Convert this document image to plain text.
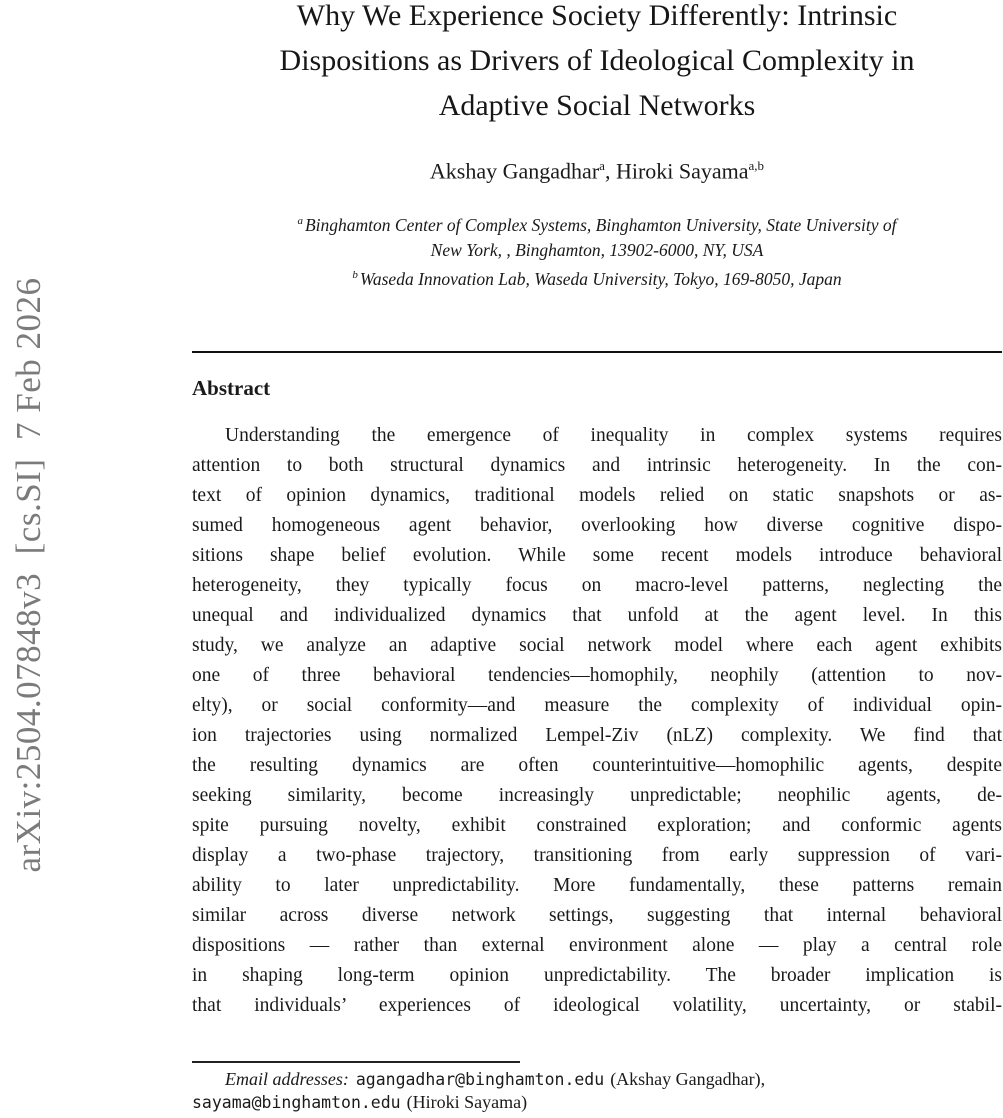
arXiv:2504.07848v3  [cs.SI]  7 Feb 2026
Why We Experience Society Differently: Intrinsic
Dispositions as Drivers of Ideological Complexity in
Adaptive Social Networks
Akshay Gangadhar$^a$, Hiroki Sayama$^{a,b}$
$^a$ Binghamton Center of Complex Systems, Binghamton University, State University of
New York, , Binghamton, 13902-6000, NY, USA
$^b$ Waseda Innovation Lab, Waseda University, Tokyo, 169-8050, Japan
Abstract
Understanding the emergence of inequality in complex systems requires
attention to both structural dynamics and intrinsic heterogeneity. In the con-
text of opinion dynamics, traditional models relied on static snapshots or as-
sumed homogeneous agent behavior, overlooking how diverse cognitive dispo-
sitions shape belief evolution. While some recent models introduce behavioral
heterogeneity, they typically focus on macro-level patterns, neglecting the
unequal and individualized dynamics that unfold at the agent level. In this
study, we analyze an adaptive social network model where each agent exhibits
one of three behavioral tendencies—homophily, neophily (attention to nov-
elty), or social conformity—and measure the complexity of individual opin-
ion trajectories using normalized Lempel-Ziv (nLZ) complexity. We find that
the resulting dynamics are often counterintuitive—homophilic agents, despite
seeking similarity, become increasingly unpredictable; neophilic agents, de-
spite pursuing novelty, exhibit constrained exploration; and conformic agents
display a two-phase trajectory, transitioning from early suppression of vari-
ability to later unpredictability. More fundamentally, these patterns remain
similar across diverse network settings, suggesting that internal behavioral
dispositions — rather than external environment alone — play a central role
in shaping long-term opinion unpredictability. The broader implication is
that individuals’ experiences of ideological volatility, uncertainty, or stabil-
Email addresses: agangadhar@binghamton.edu (Akshay Gangadhar),
sayama@binghamton.edu (Hiroki Sayama)
